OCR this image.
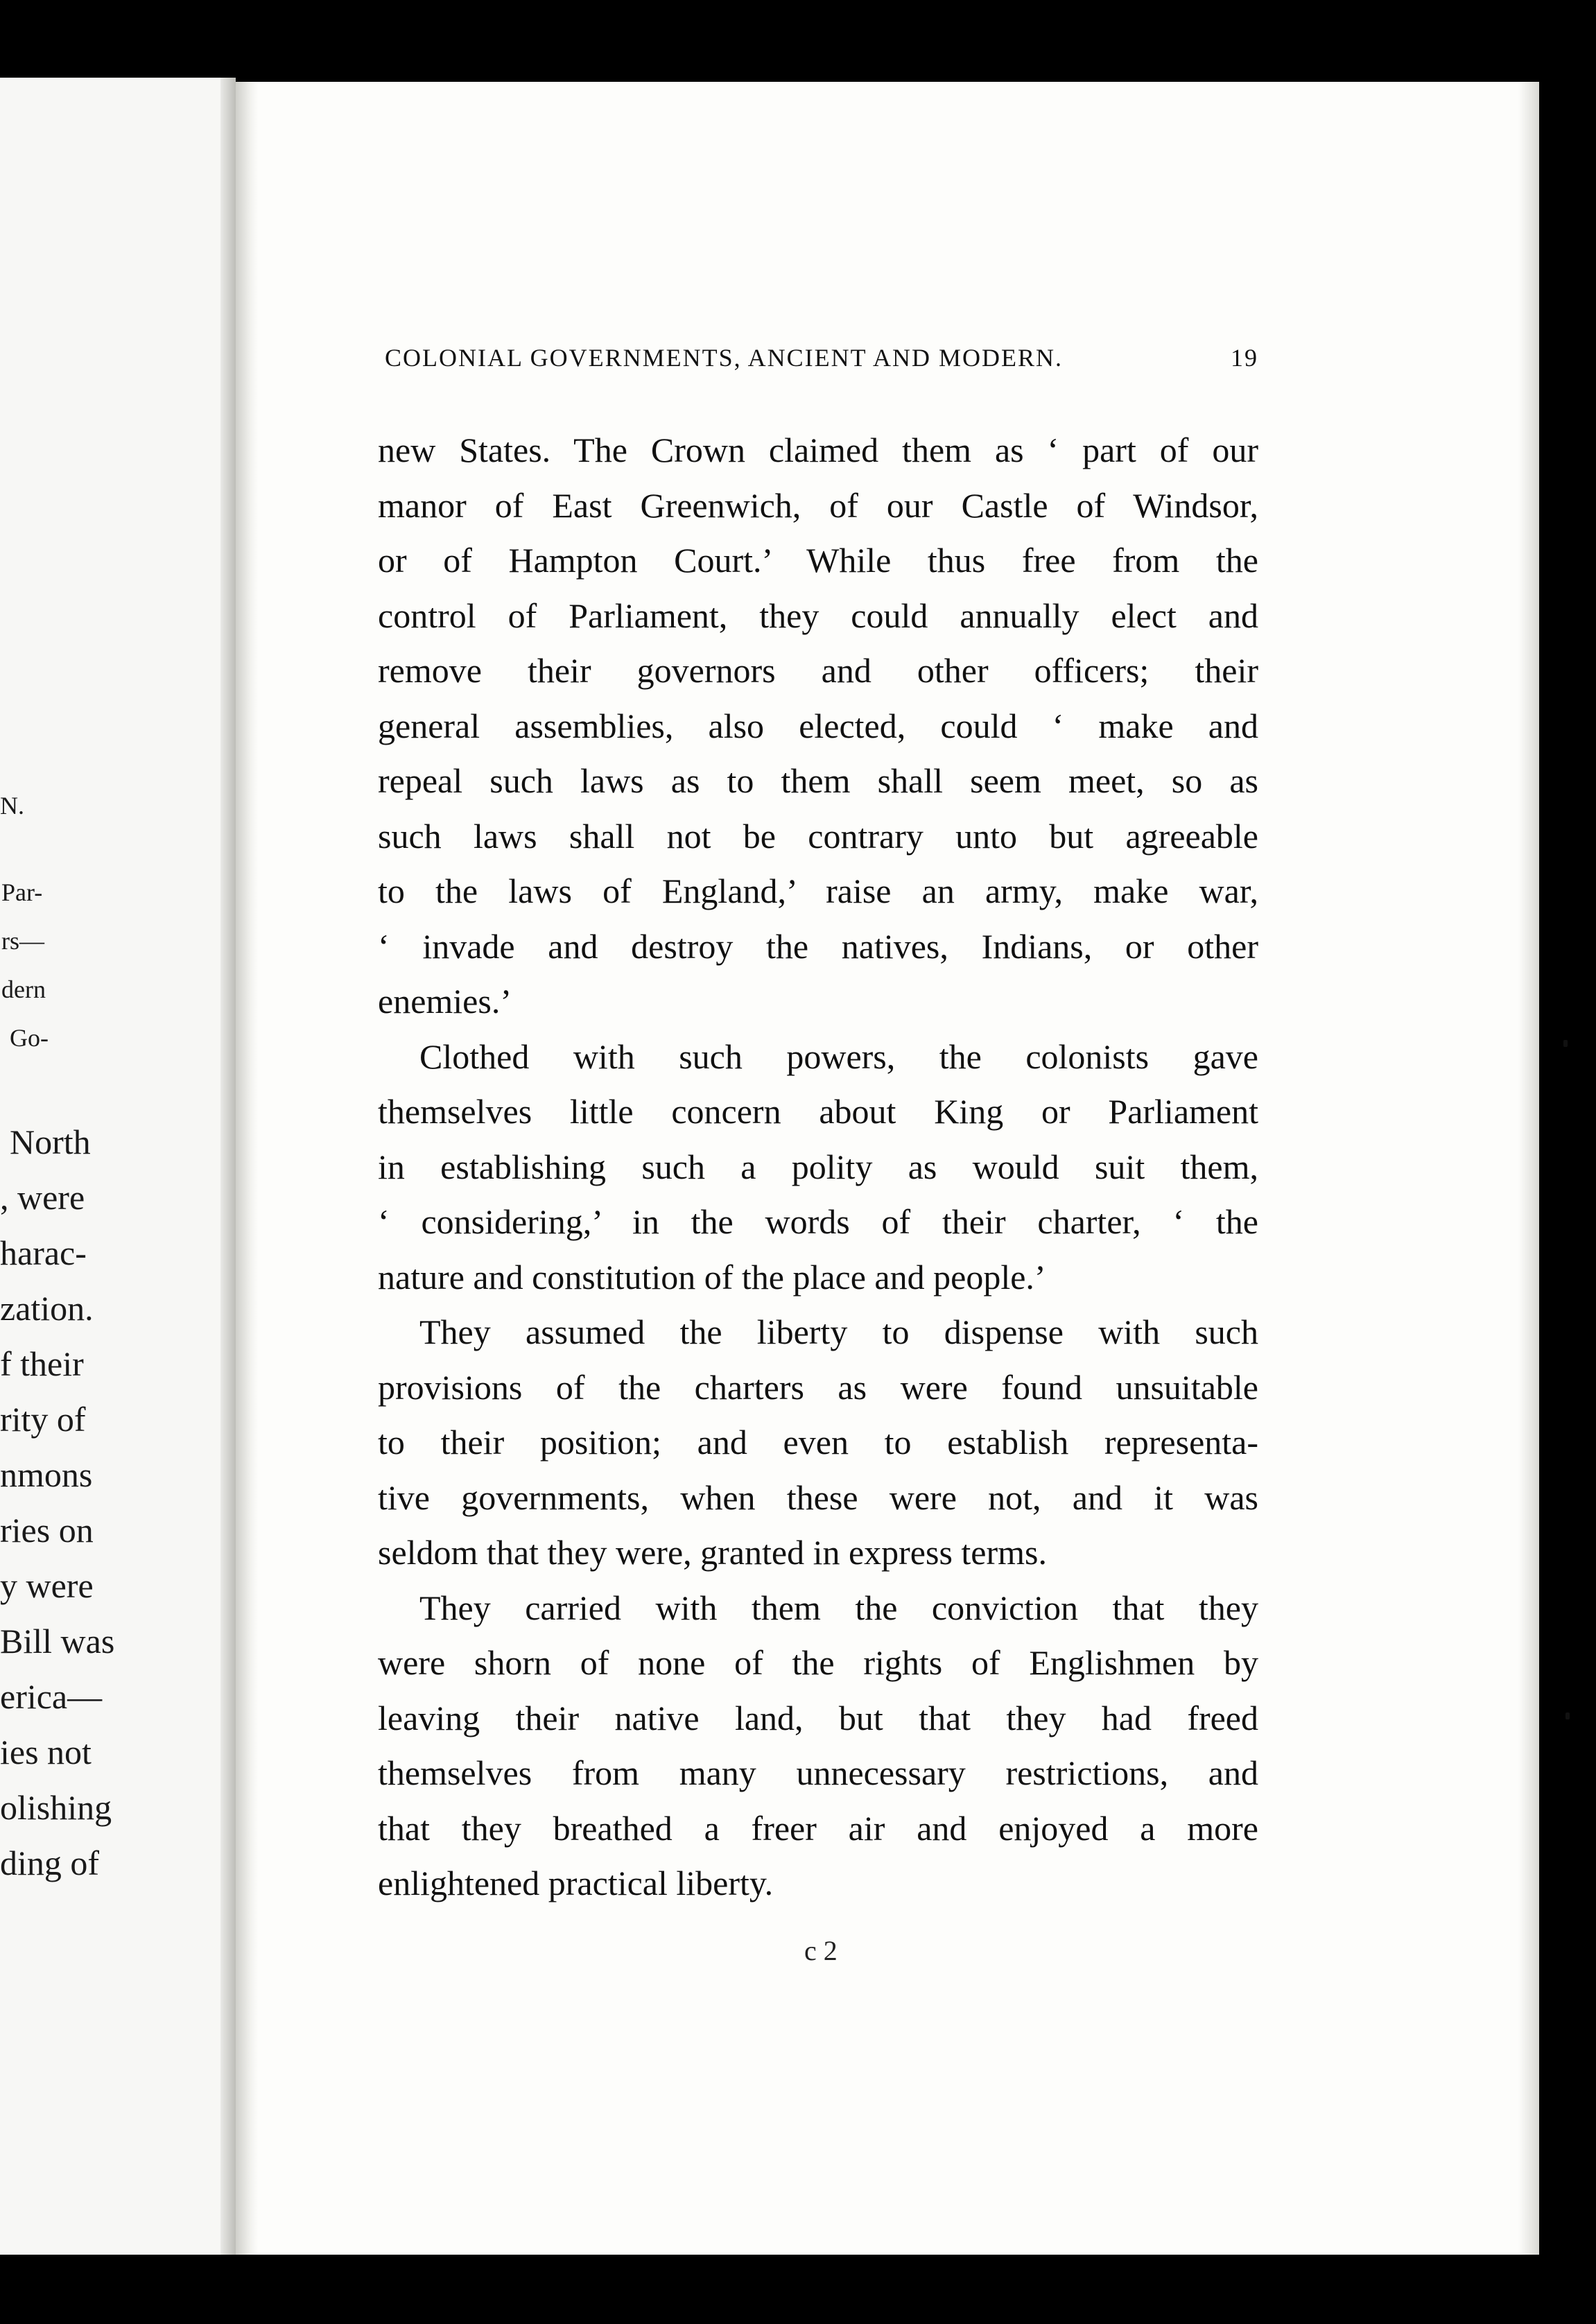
N.
Par-
rs—
dern
Go-
North
, were
harac-
zation.
f their
rity of
nmons
ries on
y were
Bill was
erica—
ies not
olishing
ding of
COLONIAL GOVERNMENTS, ANCIENT AND MODERN.	19
new States. The Crown claimed them as ‘ part of our
manor of East Greenwich, of our Castle of Windsor,
or of Hampton Court.’ While thus free from the
control of Parliament, they could annually elect and
remove their governors and other officers; their
general assemblies, also elected, could ‘ make and
repeal such laws as to them shall seem meet, so as
such laws shall not be contrary unto but agreeable
to the laws of England,’ raise an army, make war,
‘ invade and destroy the natives, Indians, or other
enemies.’
Clothed with such powers, the colonists gave
themselves little concern about King or Parliament
in establishing such a polity as would suit them,
‘ considering,’ in the words of their charter, ‘ the
nature and constitution of the place and people.’
They assumed the liberty to dispense with such
provisions of the charters as were found unsuitable
to their position; and even to establish representa-
tive governments, when these were not, and it was
seldom that they were, granted in express terms.
They carried with them the conviction that they
were shorn of none of the rights of Englishmen by
leaving their native land, but that they had freed
themselves from many unnecessary restrictions, and
that they breathed a freer air and enjoyed a more
enlightened practical liberty.
c 2
